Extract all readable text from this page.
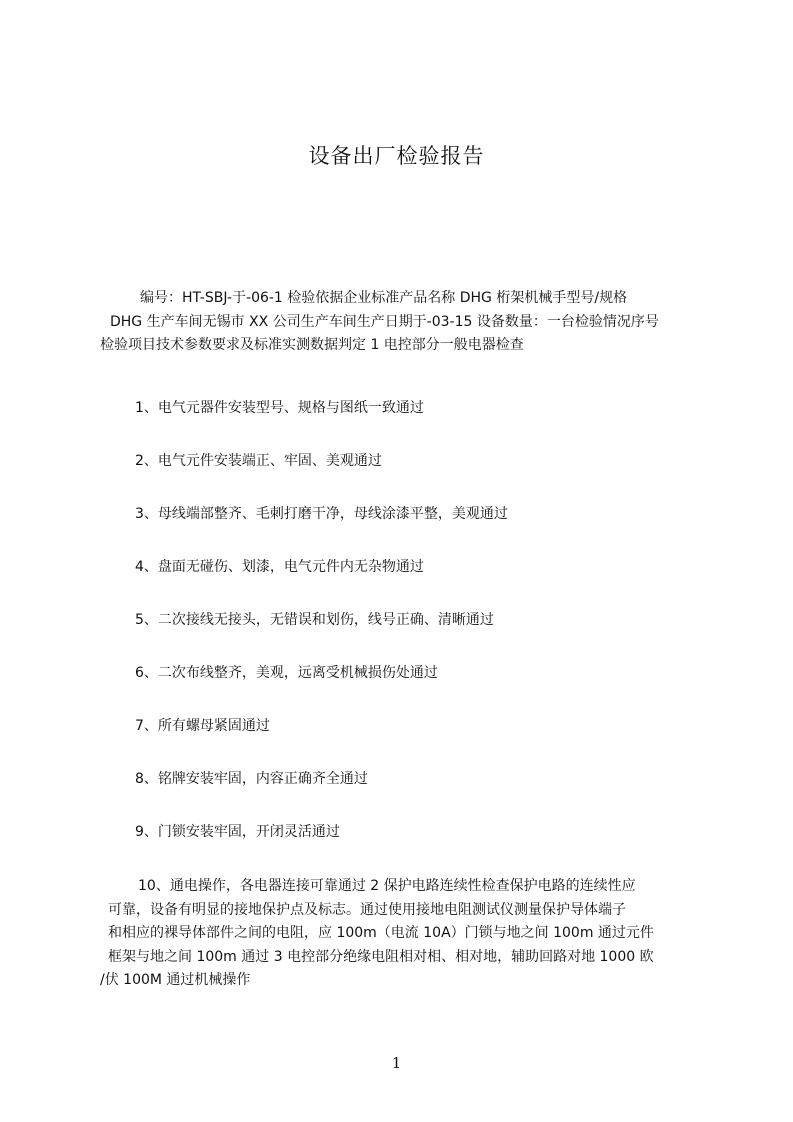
设备出厂检验报告
编号：HT-SBJ-于-06-1 检验依据企业标准产品名称 DHG 桁架机械手型号/规格
DHG 生产车间无锡市 XX 公司生产车间生产日期于-03-15 设备数量：一台检验情况序号
检验项目技术参数要求及标准实测数据判定 1 电控部分一般电器检查
1、电气元器件安装型号、规格与图纸一致通过
2、电气元件安装端正、牢固、美观通过
3、母线端部整齐、毛刺打磨干净，母线涂漆平整，美观通过
4、盘面无碰伤、划漆，电气元件内无杂物通过
5、二次接线无接头，无错误和划伤，线号正确、清晰通过
6、二次布线整齐，美观，远离受机械损伤处通过
7、所有螺母紧固通过
8、铭牌安装牢固，内容正确齐全通过
9、门锁安装牢固，开闭灵活通过
10、通电操作，各电器连接可靠通过 2 保护电路连续性检查保护电路的连续性应
可靠，设备有明显的接地保护点及标志。通过使用接地电阻测试仪测量保护导体端子
和相应的裸导体部件之间的电阻，应 100m（电流 10A）门锁与地之间 100m 通过元件
框架与地之间 100m 通过 3 电控部分绝缘电阻相对相、相对地，辅助回路对地 1000 欧
/伏 100M 通过机械操作
1
